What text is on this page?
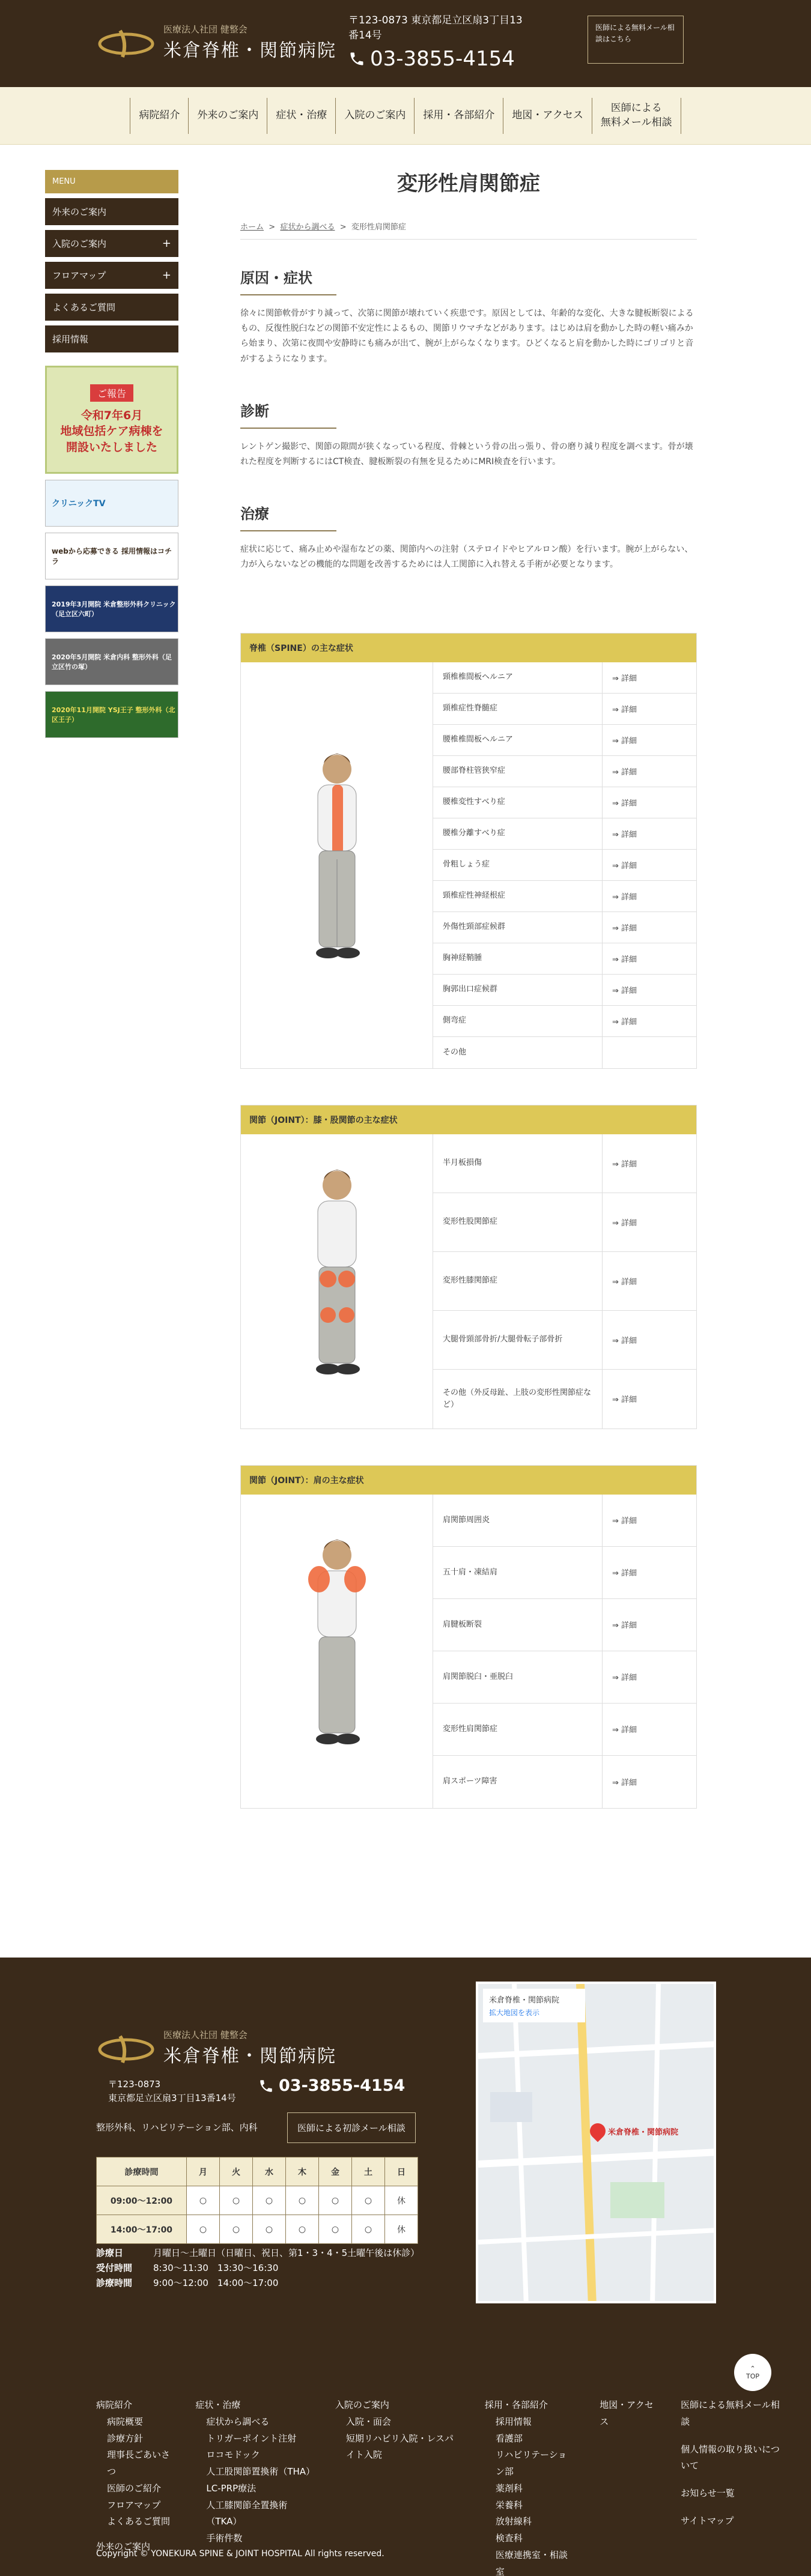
医療法人社団 健整会
米倉脊椎・関節病院
〒123-0873 東京都足立区扇3丁目13番14号
03-3855-4154
医師による無料メール相談はこちら
病院紹介	外来のご案内	症状・治療	入院のご案内	採用・各部紹介	地図・アクセス
医師による
無料メール相談
MENU
外来のご案内
入院のご案内	+
フロアマップ	+
よくあるご質問
採用情報
ご報告
令和7年6月
地域包括ケア病棟を
開設いたしました
クリニックTV
webから応募できる 採用情報はコチラ
2019年3月開院 米倉整形外科クリニック（足立区六町）
2020年5月開院 米倉内科 整形外科（足立区竹の塚）
2020年11月開院 YSJ王子 整形外科（北区王子）
変形性肩関節症
ホーム > 症状から調べる > 変形性肩関節症
原因・症状

徐々に関節軟骨がすり減って、次第に関節が壊れていく疾患です。原因としては、年齢的な変化、大きな腱板断裂によるもの、反復性脱臼などの関節不安定性によるもの、関節リウマチなどがあります。はじめは肩を動かした時の軽い痛みから始まり、次第に夜間や安静時にも痛みが出て、腕が上がらなくなります。ひどくなると肩を動かした時にゴリゴリと音がするようになります。

診断

レントゲン撮影で、関節の隙間が狭くなっている程度、骨棘という骨の出っ張り、骨の磨り減り程度を調べます。骨が壊れた程度を判断するにはCT検査、腱板断裂の有無を見るためにMRI検査を行います。

治療

症状に応じて、痛み止めや湿布などの薬、関節内への注射（ステロイドやヒアルロン酸）を行います。腕が上がらない、力が入らないなどの機能的な問題を改善するためには人工関節に入れ替える手術が必要となります。

脊椎（SPINE）の主な症状
頸椎椎間板ヘルニア	⇒ 詳細
頸椎症性脊髄症	⇒ 詳細
腰椎椎間板ヘルニア	⇒ 詳細
腰部脊柱管狭窄症	⇒ 詳細
腰椎変性すべり症	⇒ 詳細
腰椎分離すべり症	⇒ 詳細
骨粗しょう症	⇒ 詳細
頸椎症性神経根症	⇒ 詳細
外傷性頸部症候群	⇒ 詳細
胸神経鞘腫	⇒ 詳細
胸郭出口症候群	⇒ 詳細
側弯症	⇒ 詳細
その他
関節（JOINT）：膝・股関節の主な症状
半月板損傷	⇒ 詳細
変形性股関節症	⇒ 詳細
変形性膝関節症	⇒ 詳細
大腿骨頸部骨折/大腿骨転子部骨折	⇒ 詳細
その他（外反母趾、上肢の変形性関節症など）	⇒ 詳細
関節（JOINT）：肩の主な症状
肩関節周囲炎	⇒ 詳細
五十肩・凍結肩	⇒ 詳細
肩腱板断裂	⇒ 詳細
肩関節脱臼・亜脱臼	⇒ 詳細
変形性肩関節症	⇒ 詳細
肩スポーツ障害	⇒ 詳細
医療法人社団 健整会
米倉脊椎・関節病院
〒123-0873
東京都足立区扇3丁目13番14号
03-3855-4154
整形外科、リハビリテーション部、内科	医師による初診メール相談
診療時間	月	火	水	木	金	土	日
09:00〜12:00	○	○	○	○	○	○	休
14:00〜17:00	○	○	○	○	○	○	休
診療日	月曜日〜土曜日（日曜日、祝日、第1・3・4・5土曜午後は休診）
受付時間 8:30〜11:30　13:30〜16:30
診療時間 9:00〜12:00　14:00〜17:00
米倉脊椎・関節病院
拡大地図を表示
米倉脊椎・関節病院
⌃
TOP
病院紹介
病院概要
診療方針
理事長ごあいさつ
医師のご紹介
フロアマップ
よくあるご質問
外来のご案内
症状・治療
症状から調べる
トリガーポイント注射
ロコモドック
人工股関節置換術（THA）
LC-PRP療法
人工膝関節全置換術（TKA）
手術件数
入院のご案内
入院・面会
短期リハビリ入院・レスパイト入院
採用・各部紹介
採用情報
看護部
リハビリテーション部
薬剤科
栄養科
放射線科
検査科
医療連携室・相談室
地図・アクセス
医師による無料メール相談
個人情報の取り扱いについて
お知らせ一覧
サイトマップ
Copyright © YONEKURA SPINE & JOINT HOSPITAL All rights reserved.
